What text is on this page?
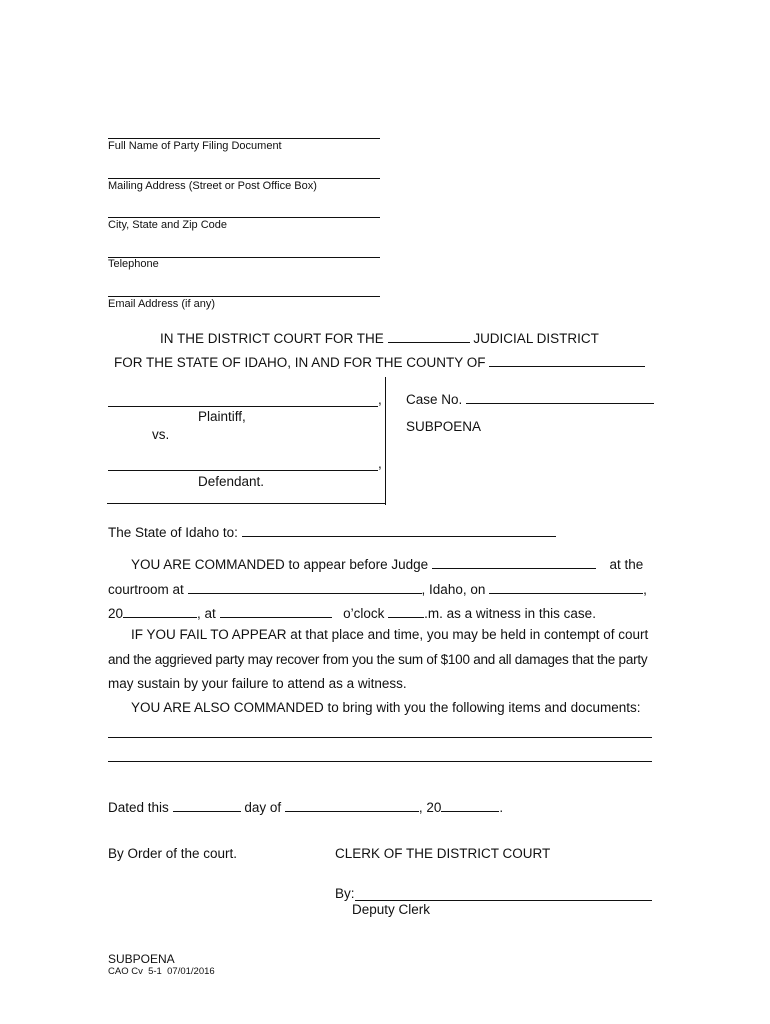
Full Name of Party Filing Document
Mailing Address (Street or Post Office Box)
City, State and Zip Code
Telephone
Email Address (if any)
IN THE DISTRICT COURT FOR THE	JUDICIAL DISTRICT
FOR THE STATE OF IDAHO, IN AND FOR THE COUNTY OF
,
Plaintiff,
vs.
,
Defendant.
Case No.
SUBPOENA
The State of Idaho to:
YOU ARE COMMANDED to appear before Judge	at the
courtroom at	, Idaho, on	,
20	, at	o’clock	.m. as a witness in this case.
IF YOU FAIL TO APPEAR at that place and time, you may be held in contempt of court
and the aggrieved party may recover from you the sum of $100 and all damages that the party
may sustain by your failure to attend as a witness.
YOU ARE ALSO COMMANDED to bring with you the following items and documents:
Dated this	day of	, 20	.
By Order of the court.	CLERK OF THE DISTRICT COURT
By:
Deputy Clerk
SUBPOENA
CAO Cv  5-1  07/01/2016
